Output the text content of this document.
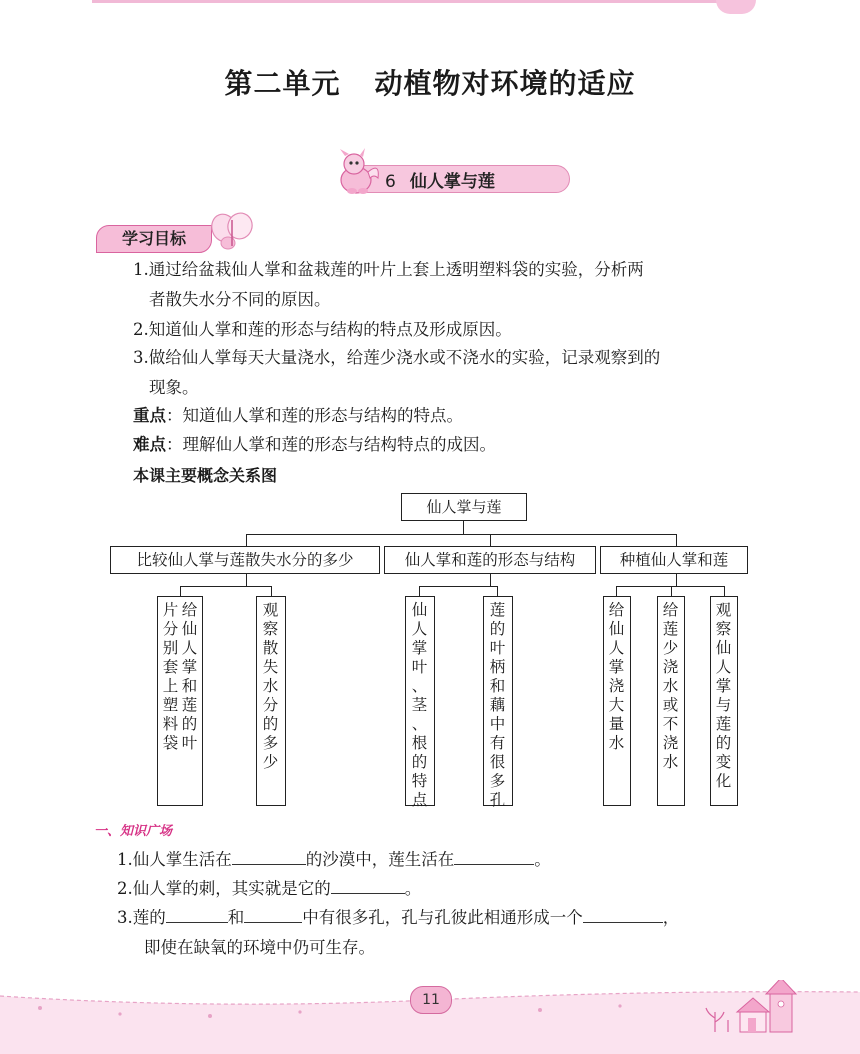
第二单元 动植物对环境的适应
6 仙人掌与莲
学习目标
1.通过给盆栽仙人掌和盆栽莲的叶片上套上透明塑料袋的实验，分析两
者散失水分不同的原因。
2.知道仙人掌和莲的形态与结构的特点及形成原因。
3.做给仙人掌每天大量浇水，给莲少浇水或不浇水的实验，记录观察到的
现象。
重点：知道仙人掌和莲的形态与结构的特点。
难点：理解仙人掌和莲的形态与结构特点的成因。
本课主要概念关系图
仙人掌与莲
比较仙人掌与莲散失水分的多少	仙人掌和莲的形态与结构	种植仙人掌和莲
片
分
别
套
上
塑
料
袋
给
仙
人
掌
和
莲
的
叶
观
察
散
失
水
分
的
多
少
仙
人
掌
叶
、
茎
、
根
的
特
点
莲
的
叶
柄
和
藕
中
有
很
多
孔
给
仙
人
掌
浇
大
量
水
给
莲
少
浇
水
或
不
浇
水
观
察
仙
人
掌
与
莲
的
变
化
一、知识广场
1.仙人掌生活在	的沙漠中，莲生活在	。
2.仙人掌的刺，其实就是它的	。
3.莲的	和	中有很多孔，孔与孔彼此相通形成一个	，
即使在缺氧的环境中仍可生存。
11
